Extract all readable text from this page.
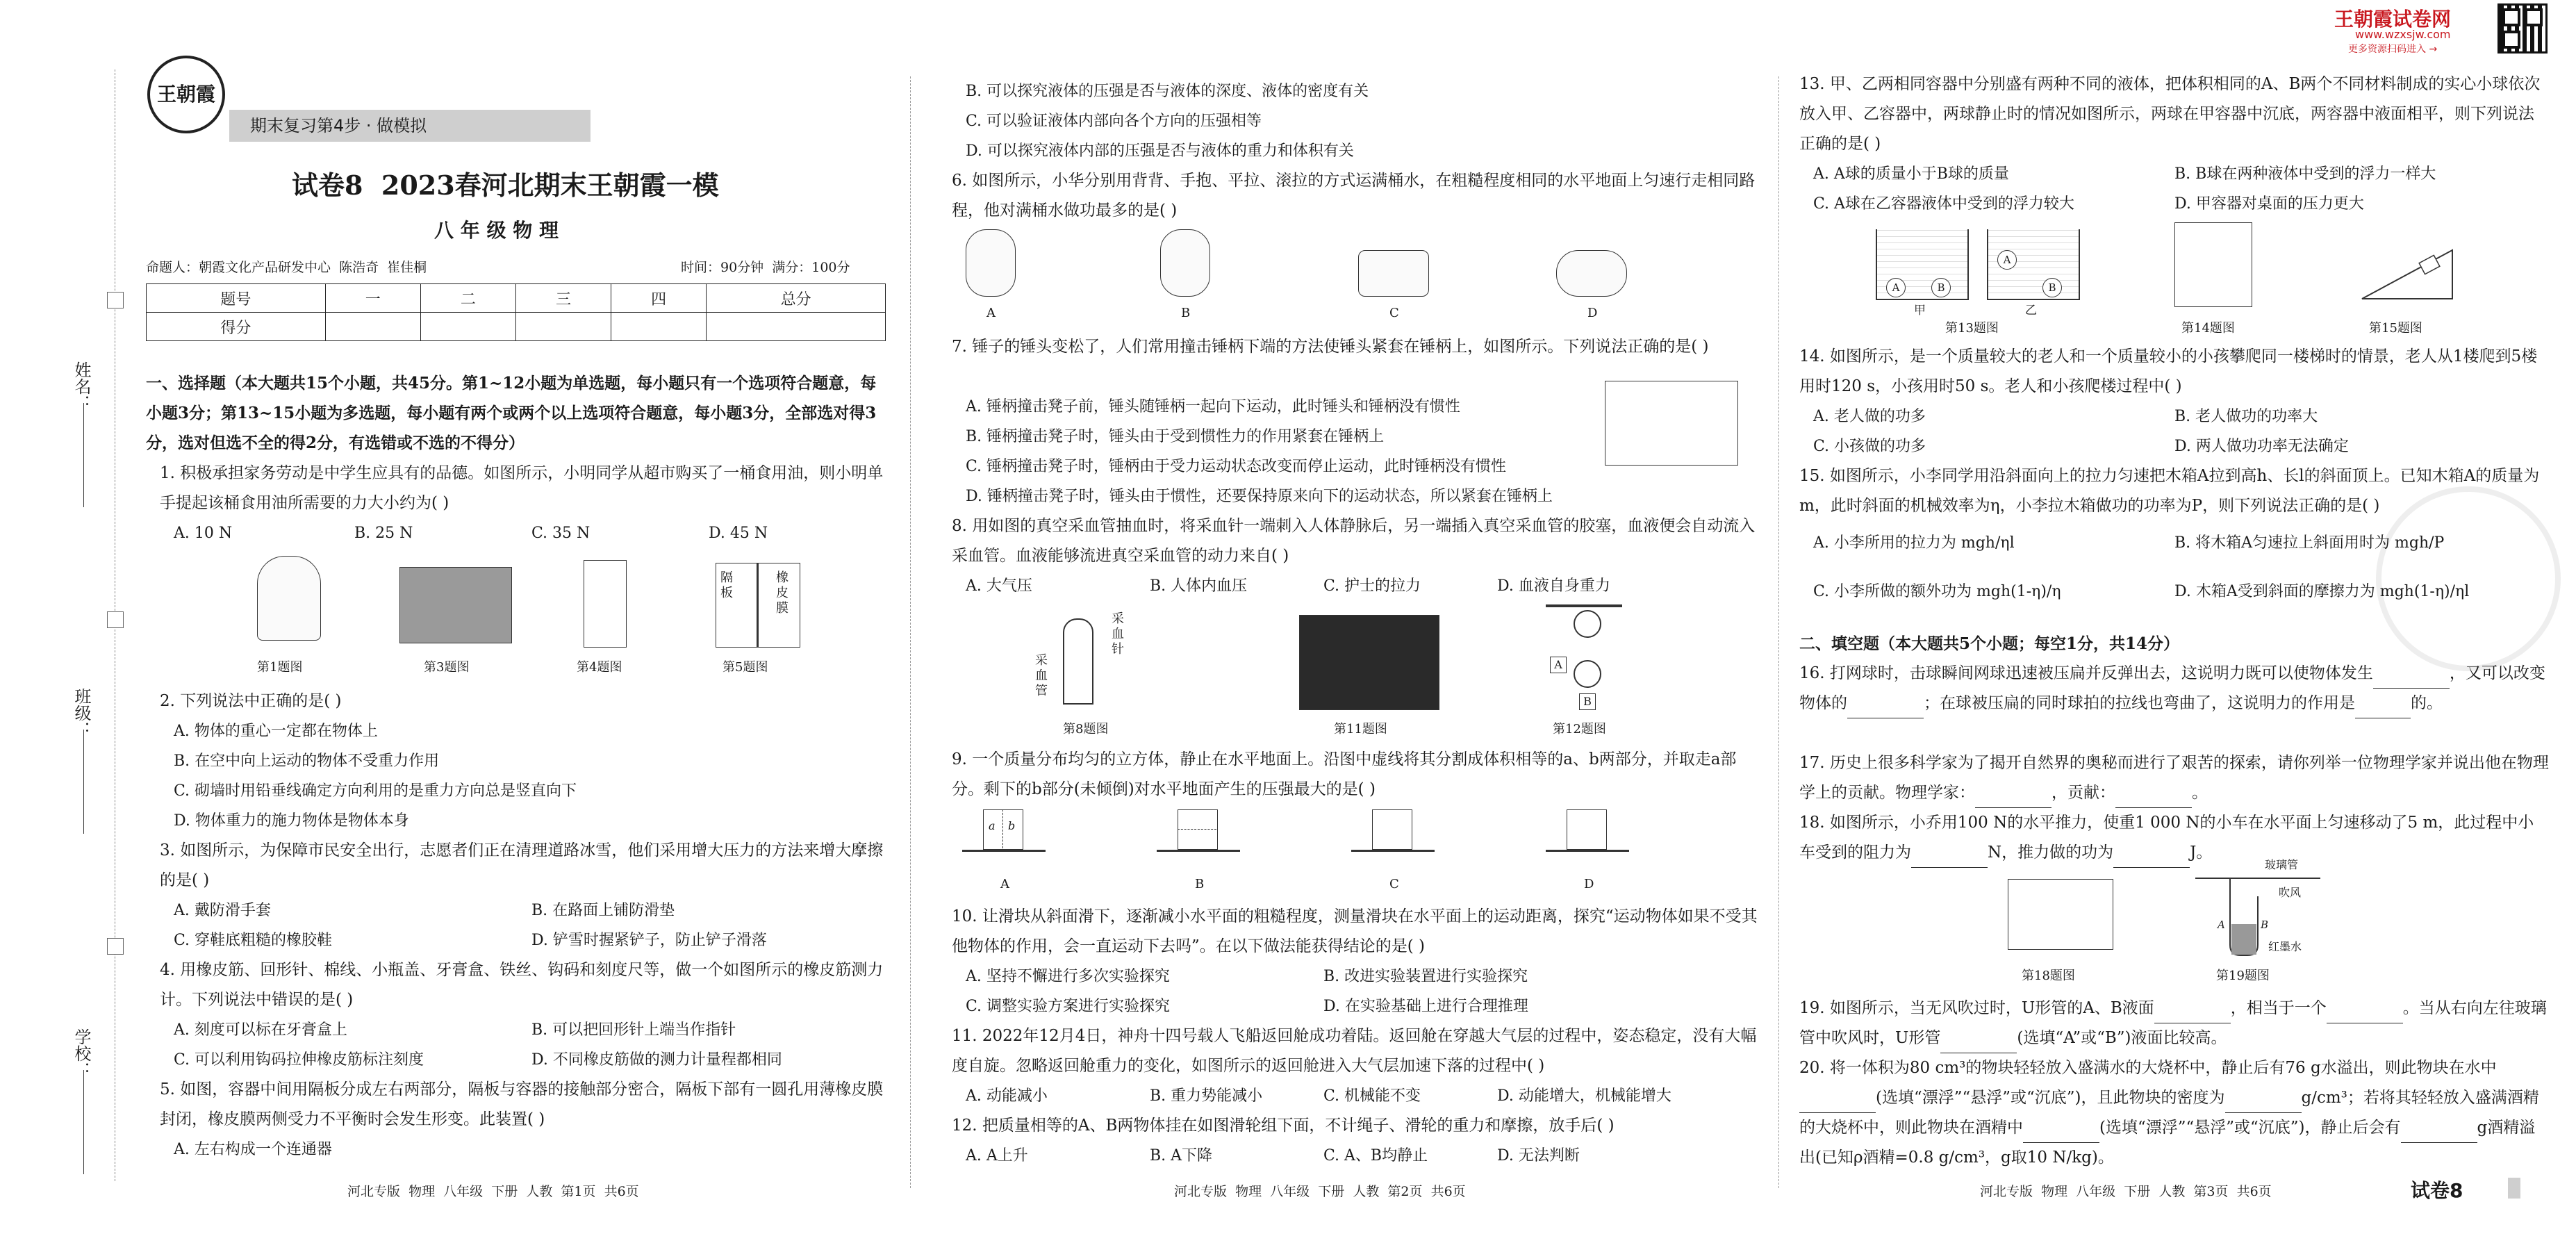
姓名：
班级：
学校：
王朝霞试卷网
www.wzxsjw.com
更多资源扫码进入 →
王朝霞
期末复习第4步 · 做模拟
试卷8  2023春河北期末王朝霞一模
八 年 级 物 理
命题人：朝霞文化产品研发中心  陈浩奇  崔佳桐	时间：90分钟  满分：100分
题号	一	二	三	四	总分
得分					
一、选择题（本大题共15个小题，共45分。第1~12小题为单选题，每小题只有一个选项符合题意，每小题3分；第13~15小题为多选题，每小题有两个或两个以上选项符合题意，每小题3分，全部选对得3分，选对但选不全的得2分，有选错或不选的不得分）
1. 积极承担家务劳动是中学生应具有的品德。如图所示，小明同学从超市购买了一桶食用油，则小明单手提起该桶食用油所需要的力大小约为( )
A. 10 N	B. 25 N	C. 35 N	D. 45 N
隔板
橡皮膜
第1题图	第3题图	第4题图	第5题图
2. 下列说法中正确的是( )
A. 物体的重心一定都在物体上
B. 在空中向上运动的物体不受重力作用
C. 砌墙时用铅垂线确定方向利用的是重力方向总是竖直向下
D. 物体重力的施力物体是物体本身
3. 如图所示，为保障市民安全出行，志愿者们正在清理道路冰雪，他们采用增大压力的方法来增大摩擦的是( )
A. 戴防滑手套	B. 在路面上铺防滑垫
C. 穿鞋底粗糙的橡胶鞋	D. 铲雪时握紧铲子，防止铲子滑落
4. 用橡皮筋、回形针、棉线、小瓶盖、牙膏盒、铁丝、钩码和刻度尺等，做一个如图所示的橡皮筋测力计。下列说法中错误的是( )
A. 刻度可以标在牙膏盒上	B. 可以把回形针上端当作指针
C. 可以利用钩码拉伸橡皮筋标注刻度	D. 不同橡皮筋做的测力计量程都相同
5. 如图，容器中间用隔板分成左右两部分，隔板与容器的接触部分密合，隔板下部有一圆孔用薄橡皮膜封闭，橡皮膜两侧受力不平衡时会发生形变。此装置( )
A. 左右构成一个连通器
河北专版  物理  八年级  下册  人教  第1页  共6页
B. 可以探究液体的压强是否与液体的深度、液体的密度有关
C. 可以验证液体内部向各个方向的压强相等
D. 可以探究液体内部的压强是否与液体的重力和体积有关
6. 如图所示，小华分别用背背、手抱、平拉、滚拉的方式运满桶水，在粗糙程度相同的水平地面上匀速行走相同路程，他对满桶水做功最多的是( )
A	B	C	D
7. 锤子的锤头变松了，人们常用撞击锤柄下端的方法使锤头紧套在锤柄上，如图所示。下列说法正确的是( )
A. 锤柄撞击凳子前，锤头随锤柄一起向下运动，此时锤头和锤柄没有惯性
B. 锤柄撞击凳子时，锤头由于受到惯性力的作用紧套在锤柄上
C. 锤柄撞击凳子时，锤柄由于受力运动状态改变而停止运动，此时锤柄没有惯性
D. 锤柄撞击凳子时，锤头由于惯性，还要保持原来向下的运动状态，所以紧套在锤柄上
8. 用如图的真空采血管抽血时，将采血针一端刺入人体静脉后，另一端插入真空采血管的胶塞，血液便会自动流入采血管。血液能够流进真空采血管的动力来自( )
A. 大气压	B. 人体内血压	C. 护士的拉力	D. 血液自身重力
采血针
采血管
A
B
第8题图	第11题图	第12题图
9. 一个质量分布均匀的立方体，静止在水平地面上。沿图中虚线将其分割成体积相等的a、b两部分，并取走a部分。剩下的b部分(未倾倒)对水平地面产生的压强最大的是( )
a b
A	B	C	D
10. 让滑块从斜面滑下，逐渐减小水平面的粗糙程度，测量滑块在水平面上的运动距离，探究“运动物体如果不受其他物体的作用，会一直运动下去吗”。在以下做法能获得结论的是( )
A. 坚持不懈进行多次实验探究	B. 改进实验装置进行实验探究
C. 调整实验方案进行实验探究	D. 在实验基础上进行合理推理
11. 2022年12月4日，神舟十四号载人飞船返回舱成功着陆。返回舱在穿越大气层的过程中，姿态稳定，没有大幅度自旋。忽略返回舱重力的变化，如图所示的返回舱进入大气层加速下落的过程中( )
A. 动能减小	B. 重力势能减小	C. 机械能不变	D. 动能增大，机械能增大
12. 把质量相等的A、B两物体挂在如图滑轮组下面，不计绳子、滑轮的重力和摩擦，放手后( )
A. A上升	B. A下降	C. A、B均静止	D. 无法判断
河北专版  物理  八年级  下册  人教  第2页  共6页
13. 甲、乙两相同容器中分别盛有两种不同的液体，把体积相同的A、B两个不同材料制成的实心小球依次放入甲、乙容器中，两球静止时的情况如图所示，两球在甲容器中沉底，两容器中液面相平，则下列说法正确的是( )
A. A球的质量小于B球的质量	B. B球在两种液体中受到的浮力一样大
C. A球在乙容器液体中受到的浮力较大	D. 甲容器对桌面的压力更大
A	B
A
B
甲	乙
第13题图	第14题图	第15题图
14. 如图所示，是一个质量较大的老人和一个质量较小的小孩攀爬同一楼梯时的情景，老人从1楼爬到5楼用时120 s，小孩用时50 s。老人和小孩爬楼过程中( )
A. 老人做的功多	B. 老人做功的功率大
C. 小孩做的功多	D. 两人做功功率无法确定
15. 如图所示，小李同学用沿斜面向上的拉力匀速把木箱A拉到高h、长l的斜面顶上。已知木箱A的质量为m，此时斜面的机械效率为η，小李拉木箱做功的功率为P，则下列说法正确的是( )
A. 小李所用的拉力为 mgh/ηl	B. 将木箱A匀速拉上斜面用时为 mgh/P
C. 小李所做的额外功为 mgh(1-η)/η	D. 木箱A受到斜面的摩擦力为 mgh(1-η)/ηl
二、填空题（本大题共5个小题；每空1分，共14分）
16. 打网球时，击球瞬间网球迅速被压扁并反弹出去，这说明力既可以使物体发生	，又可以改变物体的	；在球被压扁的同时球拍的拉线也弯曲了，这说明力的作用是	的。
17. 历史上很多科学家为了揭开自然界的奥秘而进行了艰苦的探索，请你列举一位物理学家并说出他在物理学上的贡献。物理学家：	，贡献：	。
18. 如图所示，小乔用100 N的水平推力，使重1 000 N的小车在水平面上匀速移动了5 m，此过程中小车受到的阻力为	N，推力做的功为	J。
玻璃管
吹风
A	B
红墨水
第18题图	第19题图
19. 如图所示，当无风吹过时，U形管的A、B液面	，相当于一个	。当从右向左往玻璃管中吹风时，U形管	(选填“A”或“B”)液面比较高。
20. 将一体积为80 cm³的物块轻轻放入盛满水的大烧杯中，静止后有76 g水溢出，则此物块在水中(选填“漂浮”“悬浮”或“沉底”)，且此物块的密度为	g/cm³；若将其轻轻放入盛满酒精的大烧杯中，则此物块在酒精中	(选填“漂浮”“悬浮”或“沉底”)，静止后会有	g酒精溢出(已知ρ酒精=0.8 g/cm³，g取10 N/kg)。
河北专版  物理  八年级  下册  人教  第3页  共6页	试卷8
